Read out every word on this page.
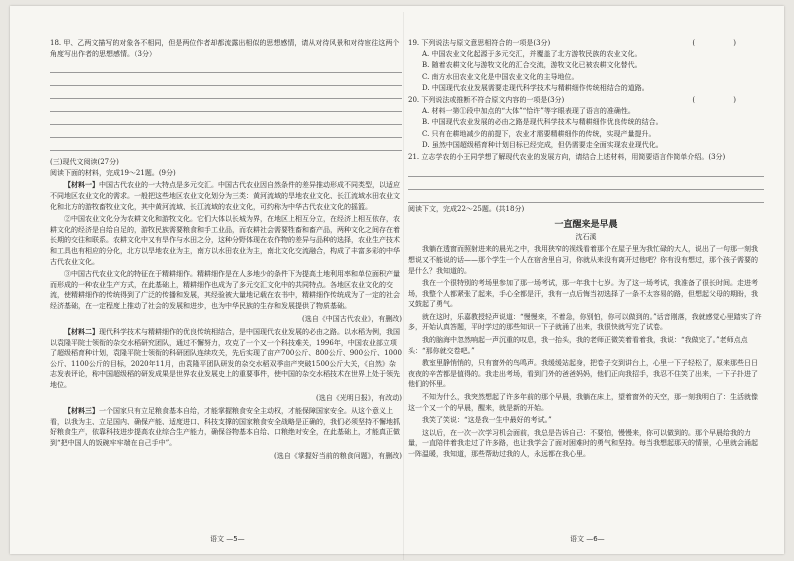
18. 甲、乙两文描写的对象各不相同，但是两位作者却都流露出相似的思想感情，请从对待风景和对待宦往这两个角度写出作者的思想感情。（3分）
(三)现代文阅读(27分)
阅读下面的材料，完成19～21题。(9分)
【材料一】中国古代农业的一大特点是多元交汇。中国古代农业因自然条件的差异推动形成不同类型，以适应不同地区农业文化的需求。一般把这些地区农业文化划分为三类：黄河流域的旱地农业文化、长江流域水田农业文化和北方的游牧畜牧业文化，其中黄河流域、长江流域的农业文化，可约称为中华古代农业文化的摇篮。
②中国农业文化分为农耕文化和游牧文化。它们大体以长城为界，在地区上相互分立，在经济上相互依存，农耕文化的经济是自给自足的，游牧民族需要粮食和手工业品，而农耕社会需要牲畜和畜产品，两种文化之间存在着长期的交往和联系。农耕文化中又有旱作与水田之分，这种分野体现在农作物的差异与品种的选择，农业生产技术和工具也有相应的分化，北方以旱地农业为主，南方以水田农业为主，南北文化交流融合，构成了丰富多彩的中华古代农业文化。
③中国古代农业文化的特征在于精耕细作。精耕细作是在人多地少的条件下为提高土地利用率和单位面积产量而形成的一种农业生产方式，在此基础上，精耕细作也成为了多元交汇文化中的共同特点。各地区农业文化的交流，使精耕细作的传统得到了广泛的传播和发展，其经验被大量地记载在农书中，精耕细作传统成为了一定的社会经济基础，在一定程度上推动了社会的发展和进步，也为中华民族的生存和发展提供了物质基础。
(选自《中国古代农业》，有删改)
【材料二】现代科学技术与精耕细作的优良传统相结合，是中国现代农业发展的必由之路。以水稻为例，我国以袁隆平院士领衔的杂交水稻研究团队，通过不懈努力，攻克了一个又一个科技难关，1996年，中国农业部立项了超级稻育种计划，袁隆平院士领衔的科研团队连续攻关，先后实现了亩产700公斤、800公斤、900公斤、1000公斤、1100公斤的目标，2020年11月，由袁隆平团队研发的杂交水稻双季亩产突破1500公斤大关，《自然》杂志发表评论，称中国超级稻的研发成果是世界农业发展史上的重要事件，使中国的杂交水稻技术在世界上处于领先地位。
(选自《光明日报》，有改动)
【材料三】一个国家只有立足粮食基本自给，才能掌握粮食安全主动权，才能保障国家安全。从这个意义上看，以我为主、立足国内、确保产能、适度进口、科技支撑的国家粮食安全战略是正确的，我们必须坚持不懈地抓好粮食生产，依靠科技进步提高农业综合生产能力，确保谷物基本自给、口粮绝对安全，在此基础上，才能真正做到“把中国人的饭碗牢牢端在自己手中”。
(选自《掌握好当前的粮食问题》，有删改)
19. 下列说法与原文意思相符合的一项是(3分)	( )
A. 中国农业文化起源于多元交汇，并覆盖了北方游牧民族的农业文化。
B. 随着农耕文化与游牧文化的汇合交流，游牧文化已被农耕文化替代。
C. 南方水田农业文化是中国农业文化的主导地位。
D. 中国现代农业发展需要走现代科学技术与精耕细作传统相结合的道路。
20. 下列说法或推断不符合原文内容的一项是(3分)	( )
A. 材料一第①段中加点的“大体”“恰许”等字眼表现了语言的准确性。
B. 中国现代农业发展的必由之路是现代科学技术与精耕细作优良传统的结合。
C. 只有在耕地减少的前提下，农业才需要精耕细作的传统，实现产量提升。
D. 虽然中国超级稻育种计划目标已经完成，但仍需要走全面实现农业现代化。
21. 立志学农的小王同学想了解现代农业的发展方向，请结合上述材料，用简要语言作简单介绍。(3分)
阅读下文，完成22～25题。(共18分)
一直醒来是早晨
沈石溪
我躺在透窗而照射进来的晨光之中，我用狭窄的视线看着那个在屋子里为我忙碌的大人，说出了一句那一刻我想说又不能说的话——那个学生一个人在宿舍里自习，你就从来没有离开过他吧？你有没有想过，那个孩子需要的是什么？我知道的。
我在一个很特别的考场里参加了那一场考试，那一年我十七岁。为了这一场考试，我准备了很长时间。走进考场，我整个人都紧张了起来，手心全都是汗，我有一点后悔当初选择了一条不太容易的路，但想起父母的期盼，我又鼓起了勇气。
就在这时，乐嘉教授轻声说道：“慢慢来，不着急，你别怕，你可以做到的。”话音刚落，我就感觉心里踏实了许多，开始认真答题，平时学过的那些知识一下子就涌了出来，我很快就写完了试卷。
我的脑海中忽然响起一声沉重的叹息，我一抬头，我的老师正微笑着看着我，我说：“我做完了。”老师点点头：“那你就交卷吧。”
教室里静悄悄的，只有窗外的鸟鸣声。我缓缓站起身，把卷子交到讲台上，心里一下子轻松了，原来那些日日夜夜的辛苦都是值得的。我走出考场，看到门外的爸爸妈妈，他们正向我招手，我忍不住笑了出来，一下子扑进了他们的怀里。
不知为什么，我突然想起了许多年前的那个早晨，我躺在床上，望着窗外的天空，那一刻我明白了：生活就像这一个又一个的早晨，醒来，就是新的开始。
我笑了笑说：“这是我一生中最好的考试。”
这以后，在一次一次学习机会面前，我总是告诉自己：不要怕，慢慢来，你可以做到的。那个早晨给我的力量，一直陪伴着我走过了许多路，也让我学会了面对困难时的勇气和坚持。每当我想起那天的情景，心里就会涌起一阵温暖，我知道，那些帮助过我的人，永远都在我心里。
语文 —5—	语文 —6—
